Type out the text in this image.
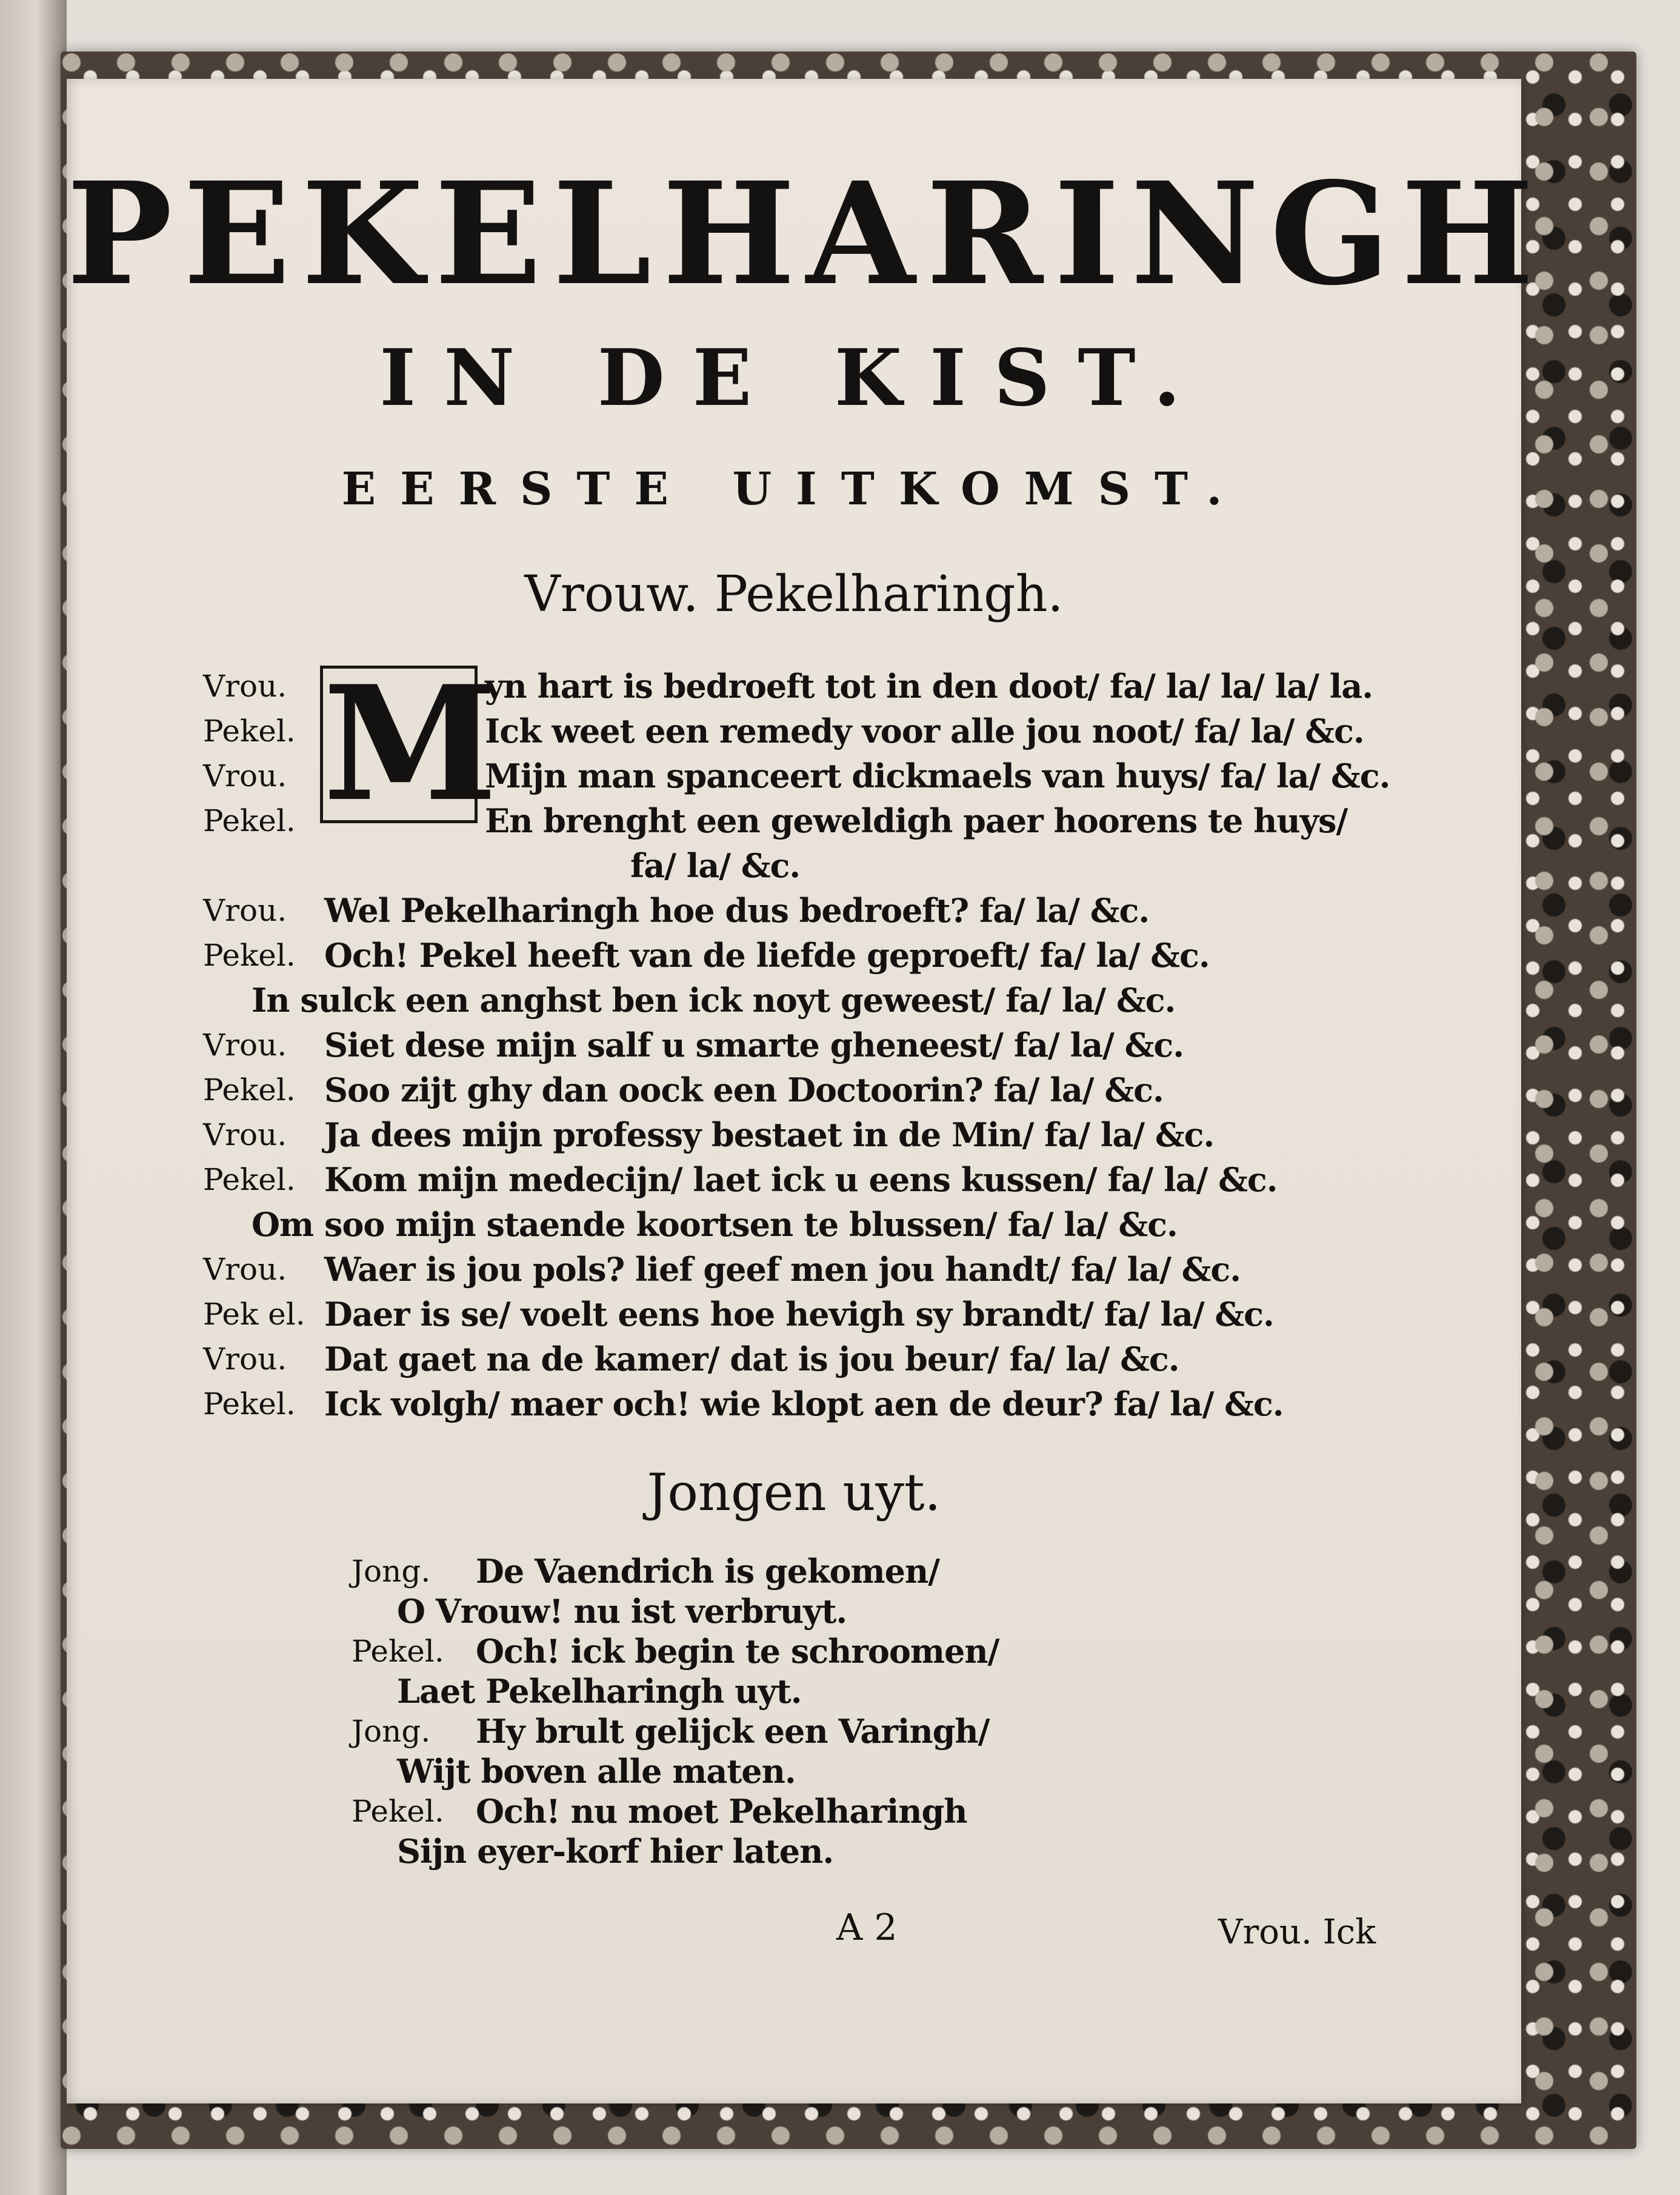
PEKELHARINGH
IN DE KIST.
EERSTE UITKOMST.
Vrouw. Pekelharingh.
M
Vrou.	yn hart is bedroeft tot in den doot/ fa/ la/ la/ la/ la.
Pekel.	Ick weet een remedy voor alle jou noot/ fa/ la/ &c.
Vrou.	Mijn man spanceert dickmaels van huys/ fa/ la/ &c.
Pekel.	En brenght een geweldigh paer hoorens te huys/
fa/ la/ &c.
Vrou. Wel Pekelharingh hoe dus bedroeft? fa/ la/ &c.
Pekel. Och! Pekel heeft van de liefde geproeft/ fa/ la/ &c.
In sulck een anghst ben ick noyt geweest/ fa/ la/ &c.
Vrou. Siet dese mijn salf u smarte gheneest/ fa/ la/ &c.
Pekel. Soo zijt ghy dan oock een Doctoorin? fa/ la/ &c.
Vrou. Ja dees mijn professy bestaet in de Min/ fa/ la/ &c.
Pekel. Kom mijn medecijn/ laet ick u eens kussen/ fa/ la/ &c.
Om soo mijn staende koortsen te blussen/ fa/ la/ &c.
Vrou. Waer is jou pols? lief geef men jou handt/ fa/ la/ &c.
Pek el. Daer is se/ voelt eens hoe hevigh sy brandt/ fa/ la/ &c.
Vrou. Dat gaet na de kamer/ dat is jou beur/ fa/ la/ &c.
Pekel. Ick volgh/ maer och! wie klopt aen de deur? fa/ la/ &c.
Jongen uyt.
Jong. De Vaendrich is gekomen/
O Vrouw! nu ist verbruyt.
Pekel. Och! ick begin te schroomen/
Laet Pekelharingh uyt.
Jong. Hy brult gelijck een Varingh/
Wijt boven alle maten.
Pekel. Och! nu moet Pekelharingh
Sijn eyer-korf hier laten.
A 2	Vrou. Ick
